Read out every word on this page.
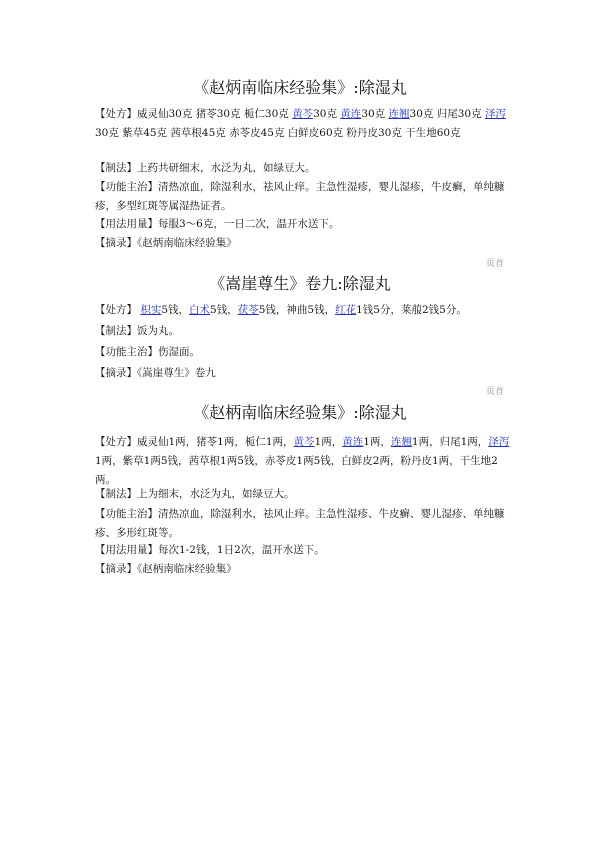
《赵炳南临床经验集》:除湿丸
【处方】威灵仙30克 猪苓30克 栀仁30克 黄芩30克 黄连30克 连翘30克 归尾30克 泽泻30克 紫草45克 茜草根45克 赤苓皮45克 白鲜皮60克 粉丹皮30克 干生地60克
【制法】上药共研细末，水泛为丸，如绿豆大。
【功能主治】清热凉血，除湿利水，祛风止痒。主急性湿疹，婴儿湿疹，牛皮癣，单纯糠疹，多型红斑等属湿热证者。
【用法用量】每服3～6克，一日二次，温开水送下。
【摘录】《赵炳南临床经验集》
页首
《嵩崖尊生》卷九:除湿丸
【处方】 枳实5钱，白术5钱，茯苓5钱，神曲5钱，红花1钱5分，莱菔2钱5分。
【制法】饭为丸。
【功能主治】伤湿面。
【摘录】《嵩崖尊生》卷九
页首
《赵柄南临床经验集》:除湿丸
【处方】威灵仙1两，猪苓1两，栀仁1两，黄芩1两，黄连1两，连翘1两，归尾1两，泽泻1两，紫草1两5钱，茜草根1两5钱，赤苓皮1两5钱，白鲜皮2两，粉丹皮1两，干生地2两。
【制法】上为细末，水泛为丸，如绿豆大。
【功能主治】清热凉血，除湿利水，祛风止痒。主急性湿疹、牛皮癣、婴儿湿疹、单纯糠疹、多形红斑等。
【用法用量】每次1-2钱，1日2次，温开水送下。
【摘录】《赵柄南临床经验集》
